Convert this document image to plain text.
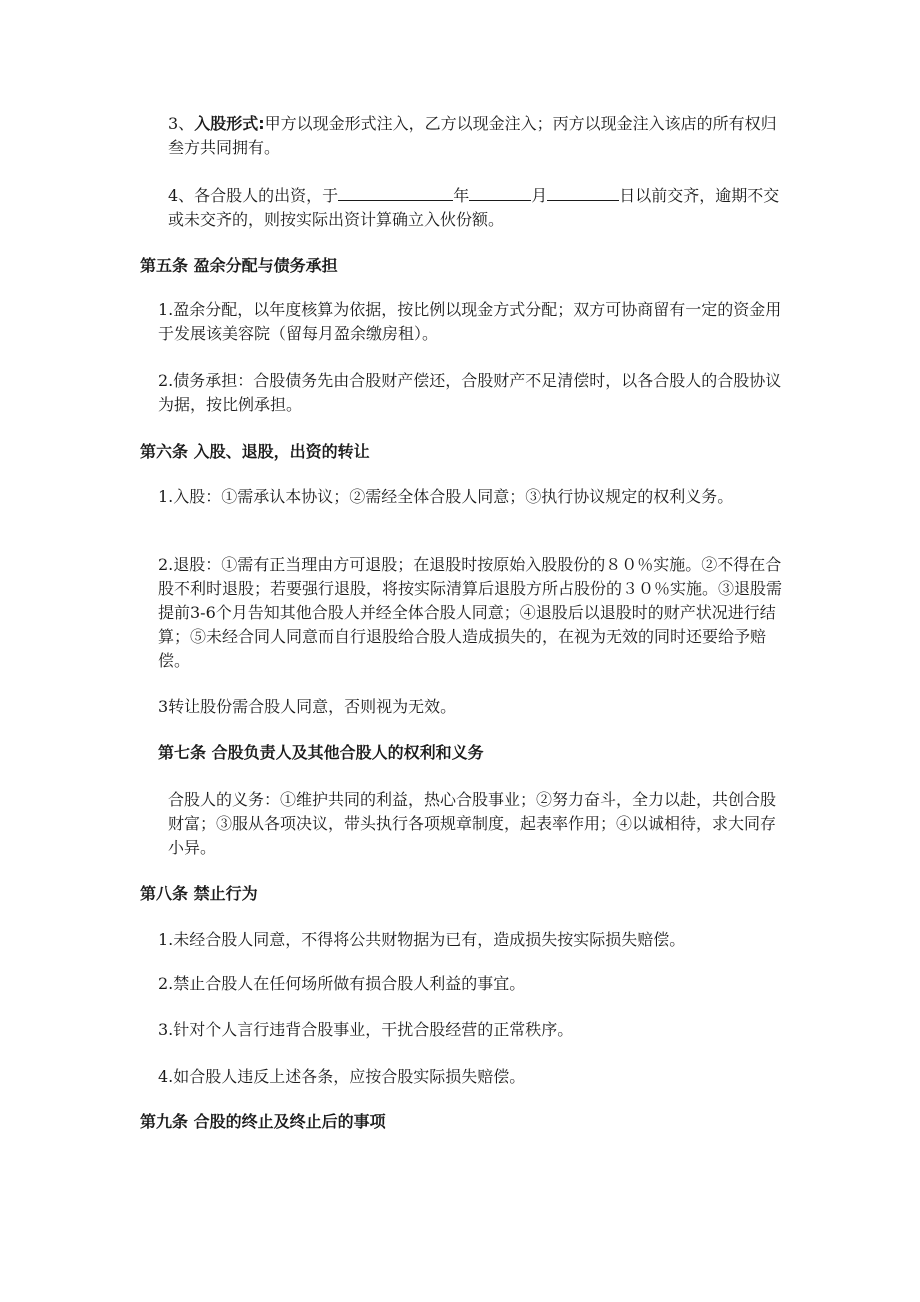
3、入股形式:甲方以现金形式注入，乙方以现金注入；丙方以现金注入该店的所有权归叁方共同拥有。
4、各合股人的出资，于	年	月	日以前交齐，逾期不交或未交齐的，则按实际出资计算确立入伙份额。
第五条 盈余分配与债务承担
1.盈余分配，以年度核算为依据，按比例以现金方式分配；双方可协商留有一定的资金用于发展该美容院（留每月盈余缴房租）。
2.债务承担：合股债务先由合股财产偿还，合股财产不足清偿时，以各合股人的合股协议为据，按比例承担。
第六条 入股、退股，出资的转让
1.入股：①需承认本协议；②需经全体合股人同意；③执行协议规定的权利义务。
2.退股：①需有正当理由方可退股；在退股时按原始入股股份的８０％实施。②不得在合股不利时退股；若要强行退股，将按实际清算后退股方所占股份的３０％实施。③退股需提前3-6个月告知其他合股人并经全体合股人同意；④退股后以退股时的财产状况进行结算；⑤未经合同人同意而自行退股给合股人造成损失的，在视为无效的同时还要给予赔偿。
3转让股份需合股人同意，否则视为无效。
第七条 合股负责人及其他合股人的权利和义务
合股人的义务：①维护共同的利益，热心合股事业；②努力奋斗，全力以赴，共创合股财富；③服从各项决议，带头执行各项规章制度，起表率作用；④以诚相待，求大同存小异。
第八条 禁止行为
1.未经合股人同意，不得将公共财物据为已有，造成损失按实际损失赔偿。
2.禁止合股人在任何场所做有损合股人利益的事宜。
3.针对个人言行违背合股事业，干扰合股经营的正常秩序。
4.如合股人违反上述各条，应按合股实际损失赔偿。
第九条 合股的终止及终止后的事项
